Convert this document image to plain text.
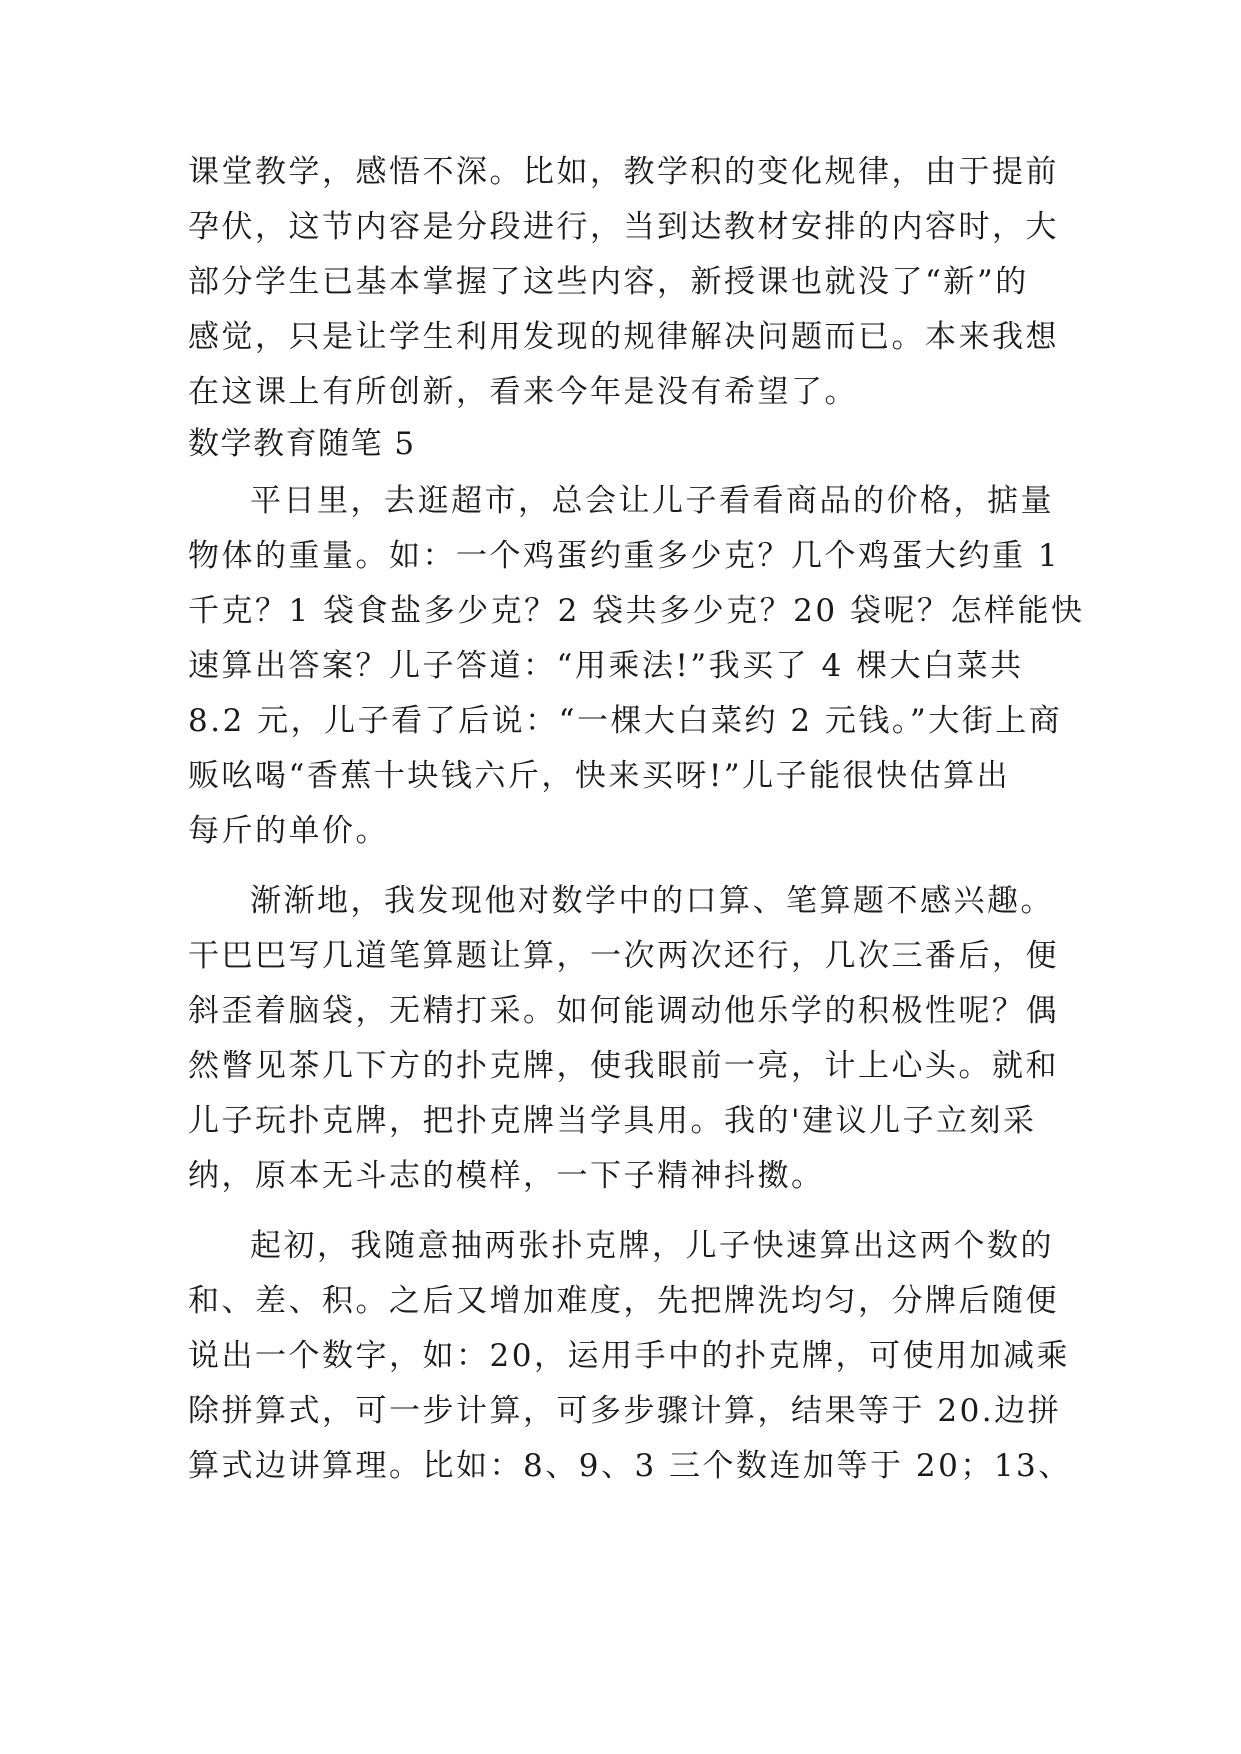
课堂教学，感悟不深。比如，教学积的变化规律，由于提前
孕伏，这节内容是分段进行，当到达教材安排的内容时，大
部分学生已基本掌握了这些内容，新授课也就没了“新”的
感觉，只是让学生利用发现的规律解决问题而已。本来我想
在这课上有所创新，看来今年是没有希望了。
数学教育随笔 5
平日里，去逛超市，总会让儿子看看商品的价格，掂量
物体的重量。如：一个鸡蛋约重多少克？几个鸡蛋大约重 1
千克？1 袋食盐多少克？2 袋共多少克？20 袋呢？怎样能快
速算出答案？儿子答道：“用乘法!”我买了 4 棵大白菜共
8.2 元，儿子看了后说：“一棵大白菜约 2 元钱。”大街上商
贩吆喝“香蕉十块钱六斤，快来买呀!”儿子能很快估算出
每斤的单价。
渐渐地，我发现他对数学中的口算、笔算题不感兴趣。
干巴巴写几道笔算题让算，一次两次还行，几次三番后，便
斜歪着脑袋，无精打采。如何能调动他乐学的积极性呢？偶
然瞥见茶几下方的扑克牌，使我眼前一亮，计上心头。就和
儿子玩扑克牌，把扑克牌当学具用。我的'建议儿子立刻采
纳，原本无斗志的模样，一下子精神抖擞。
起初，我随意抽两张扑克牌，儿子快速算出这两个数的
和、差、积。之后又增加难度，先把牌洗均匀，分牌后随便
说出一个数字，如：20，运用手中的扑克牌，可使用加减乘
除拼算式，可一步计算，可多步骤计算，结果等于 20.边拼
算式边讲算理。比如：8、9、3 三个数连加等于 20；13、
